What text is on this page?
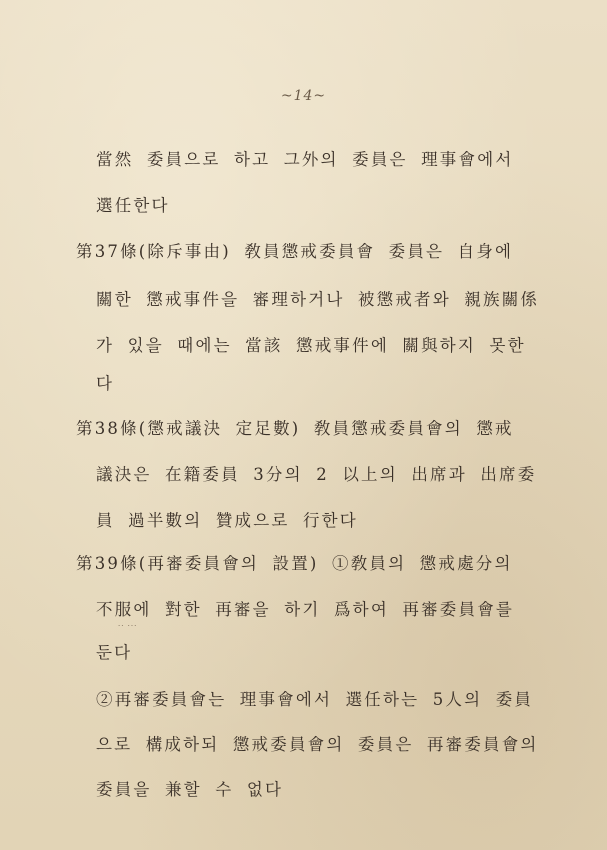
~14~
當然 委員으로 하고 그外의 委員은 理事會에서
選任한다
第37條(除斥事由) 敎員懲戒委員會 委員은 自身에
關한 懲戒事件을 審理하거나 被懲戒者와 親族關係
가 있을 때에는 當該 懲戒事件에 關與하지 못한
다
第38條(懲戒議決 定足數) 敎員懲戒委員會의 懲戒
議決은 在籍委員 3分의 2 以上의 出席과 出席委
員 過半數의 贊成으로 行한다
第39條(再審委員會의 設置) ①敎員의 懲戒處分의
不服에 對한 再審을 하기 爲하여 再審委員會를
·· ···
둔다
②再審委員會는 理事會에서 選任하는 5人의 委員
으로 構成하되 懲戒委員會의 委員은 再審委員會의
委員을 兼할 수 없다
